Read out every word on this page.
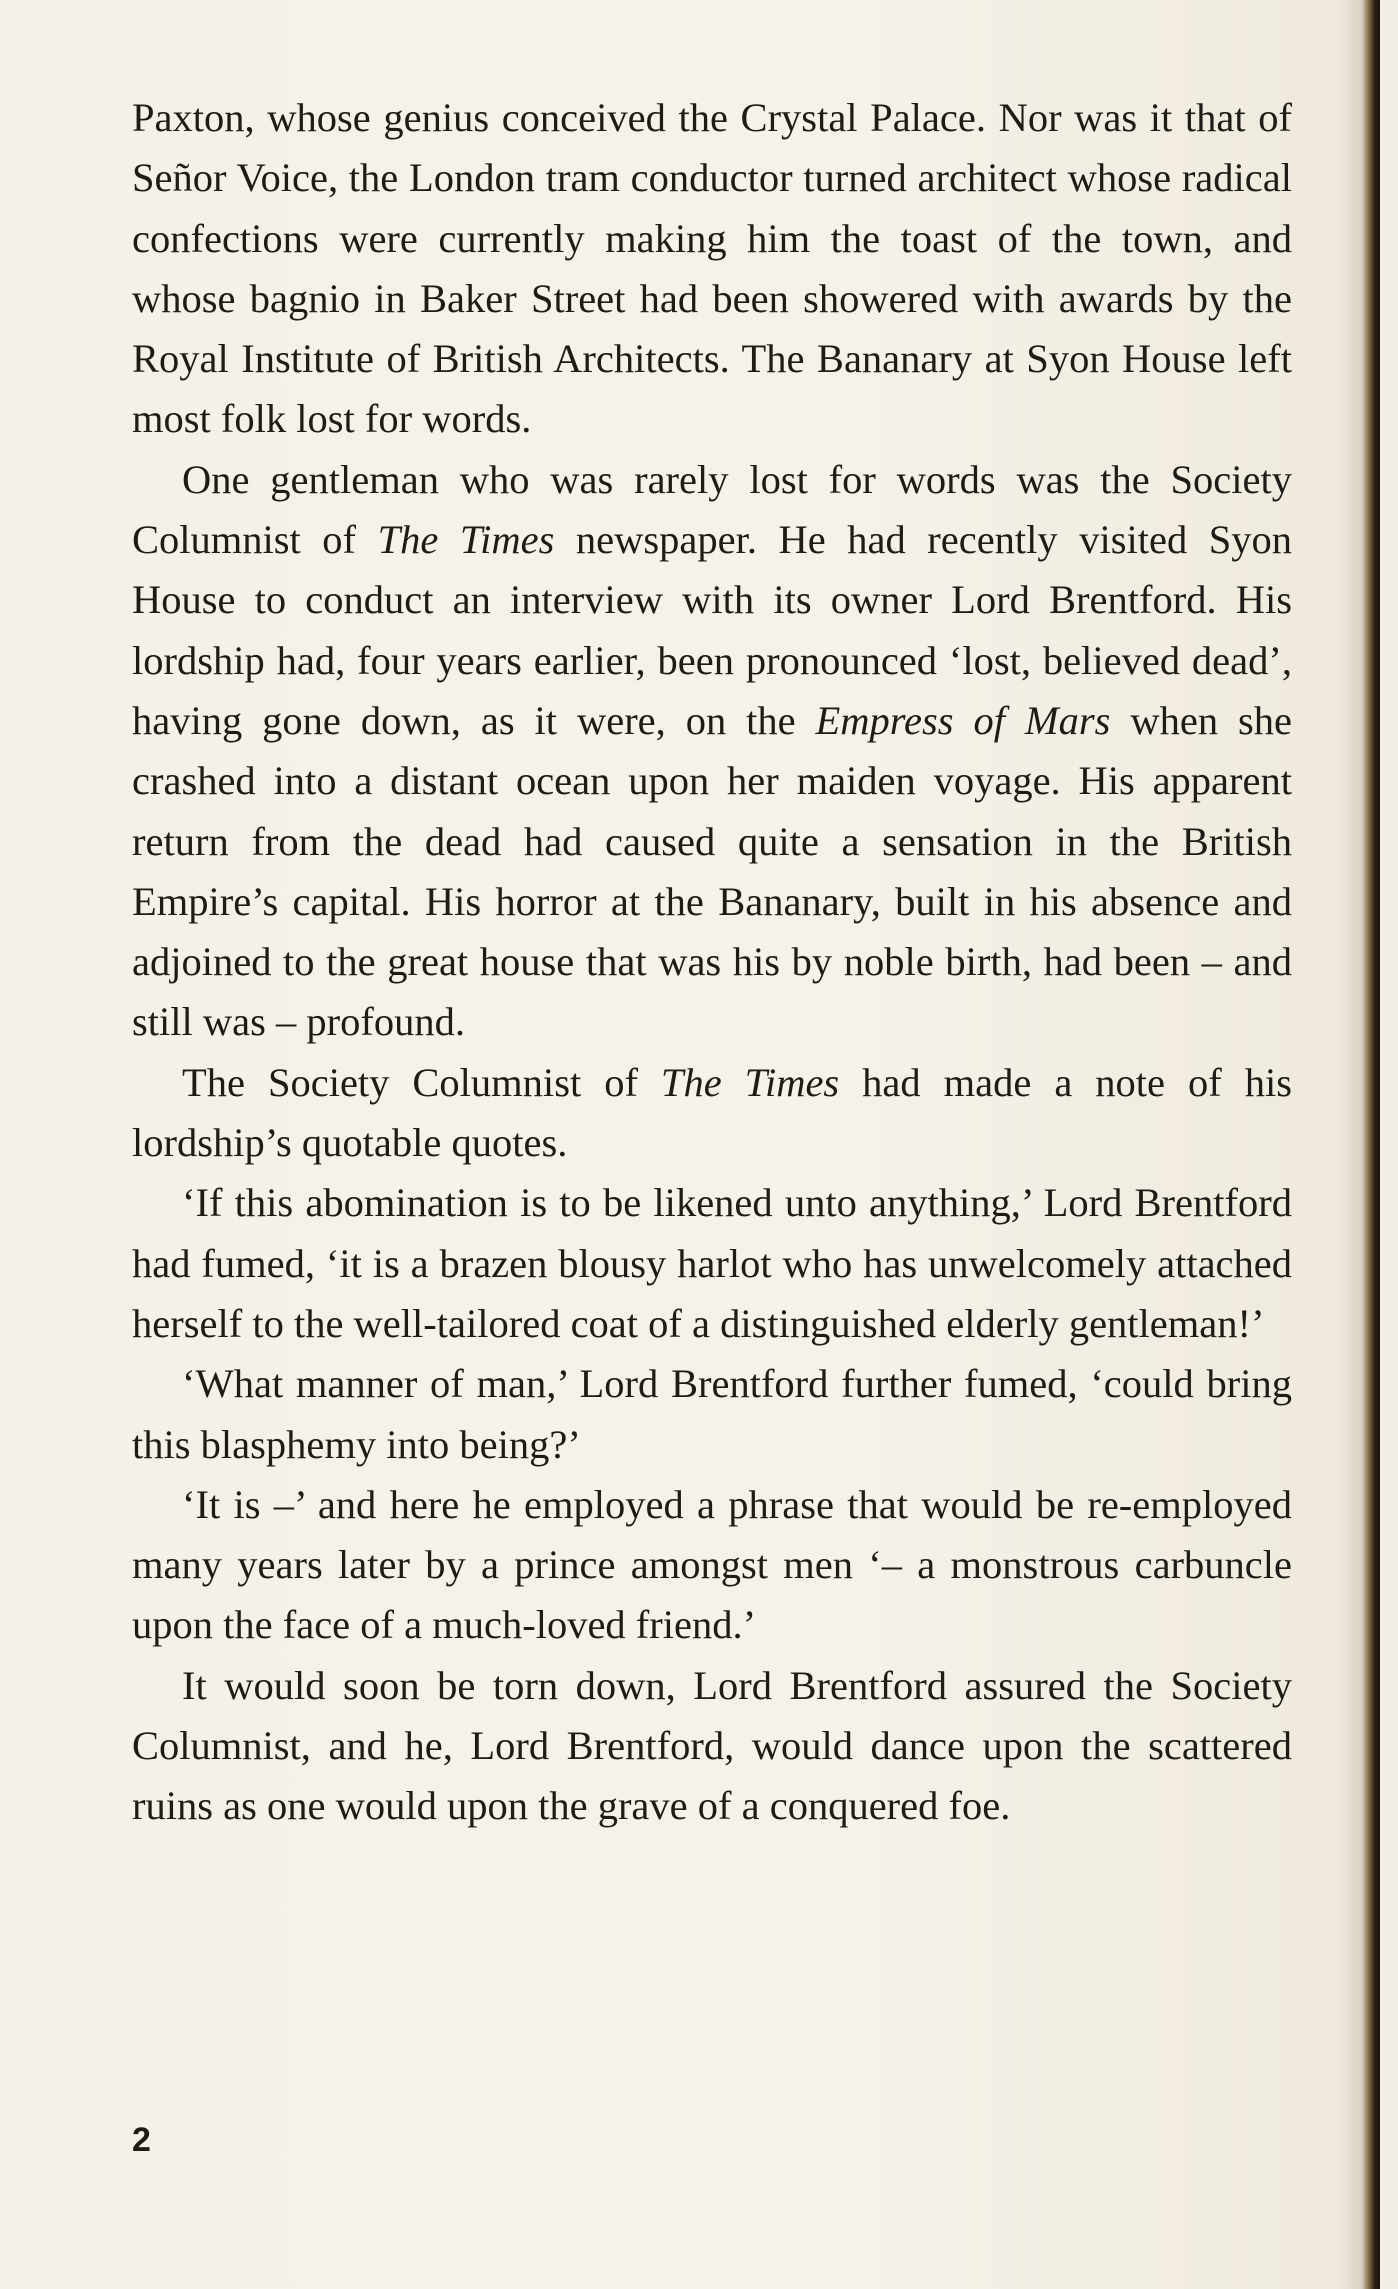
Paxton, whose genius conceived the Crystal Palace. Nor was it that of Señor Voice, the London tram conductor turned architect whose radical confections were currently making him the toast of the town, and whose bagnio in Baker Street had been showered with awards by the Royal Institute of British Architects. The Bananary at Syon House left most folk lost for words.

One gentleman who was rarely lost for words was the Society Columnist of The Times newspaper. He had recently visited Syon House to conduct an interview with its owner Lord Brentford. His lordship had, four years earlier, been pronounced ‘lost, believed dead’, having gone down, as it were, on the Empress of Mars when she crashed into a distant ocean upon her maiden voyage. His apparent return from the dead had caused quite a sensation in the British Empire’s capital. His horror at the Bananary, built in his absence and adjoined to the great house that was his by noble birth, had been – and still was – profound.

The Society Columnist of The Times had made a note of his lordship’s quotable quotes.

‘If this abomination is to be likened unto anything,’ Lord Brentford had fumed, ‘it is a brazen blousy harlot who has unwelcomely attached herself to the well-tailored coat of a distinguished elderly gentleman!’

‘What manner of man,’ Lord Brentford further fumed, ‘could bring this blasphemy into being?’

‘It is –’ and here he employed a phrase that would be re-employed many years later by a prince amongst men ‘– a monstrous carbuncle upon the face of a much-loved friend.’

It would soon be torn down, Lord Brentford assured the Society Columnist, and he, Lord Brentford, would dance upon the scattered ruins as one would upon the grave of a conquered foe.

2
